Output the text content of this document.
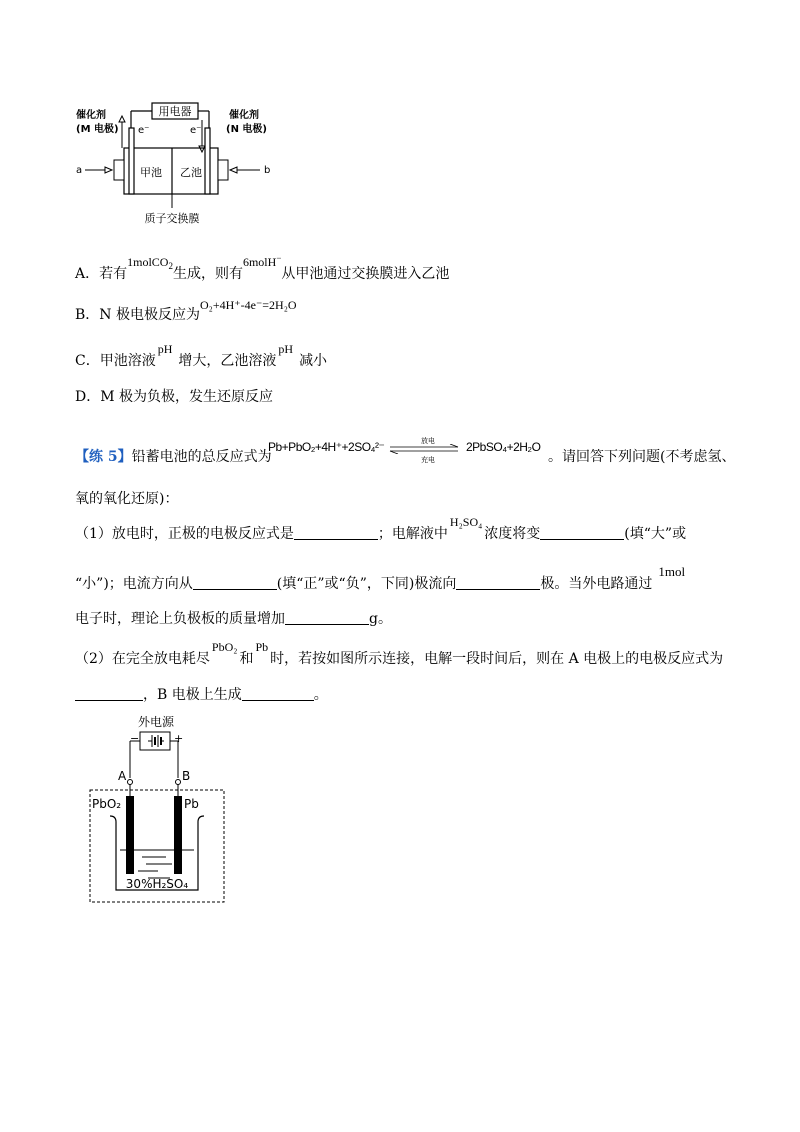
用电器
e⁻	e⁻
催化剂
(M 电极)
催化剂
(N 电极)
甲池 乙池
a	b
质子交换膜
A．若有1molCO$_2$生成，则有6molH−从甲池通过交换膜进入乙池
B．N 极电极反应为O₂+4H⁺-4e⁻=2H₂O
C．甲池溶液pH增大，乙池溶液pH减小
D．M 极为负极，发生还原反应
【练 5】铅蓄电池的总反应式为
Pb+PbO₂+4H⁺+2SO₄²⁻	放电
充电
2PbSO₄+2H₂O
。请回答下列问题(不考虑氢、
氧的氧化还原)：
（1）放电时，正极的电极反应式是	；电解液中H₂SO₄浓度将变	(填“大”或
“小”)；电流方向从	(填“正”或“负”，下同)极流向	极。当外电路通过1mol
电子时，理论上负极板的质量增加	g。
（2）在完全放电耗尽PbO₂和Pb时，若按如图所示连接，电解一段时间后，则在 A 电极上的电极反应式为
，B 电极上生成	。
外电源
−	+
A	B
PbO₂	Pb
30%H₂SO₄
